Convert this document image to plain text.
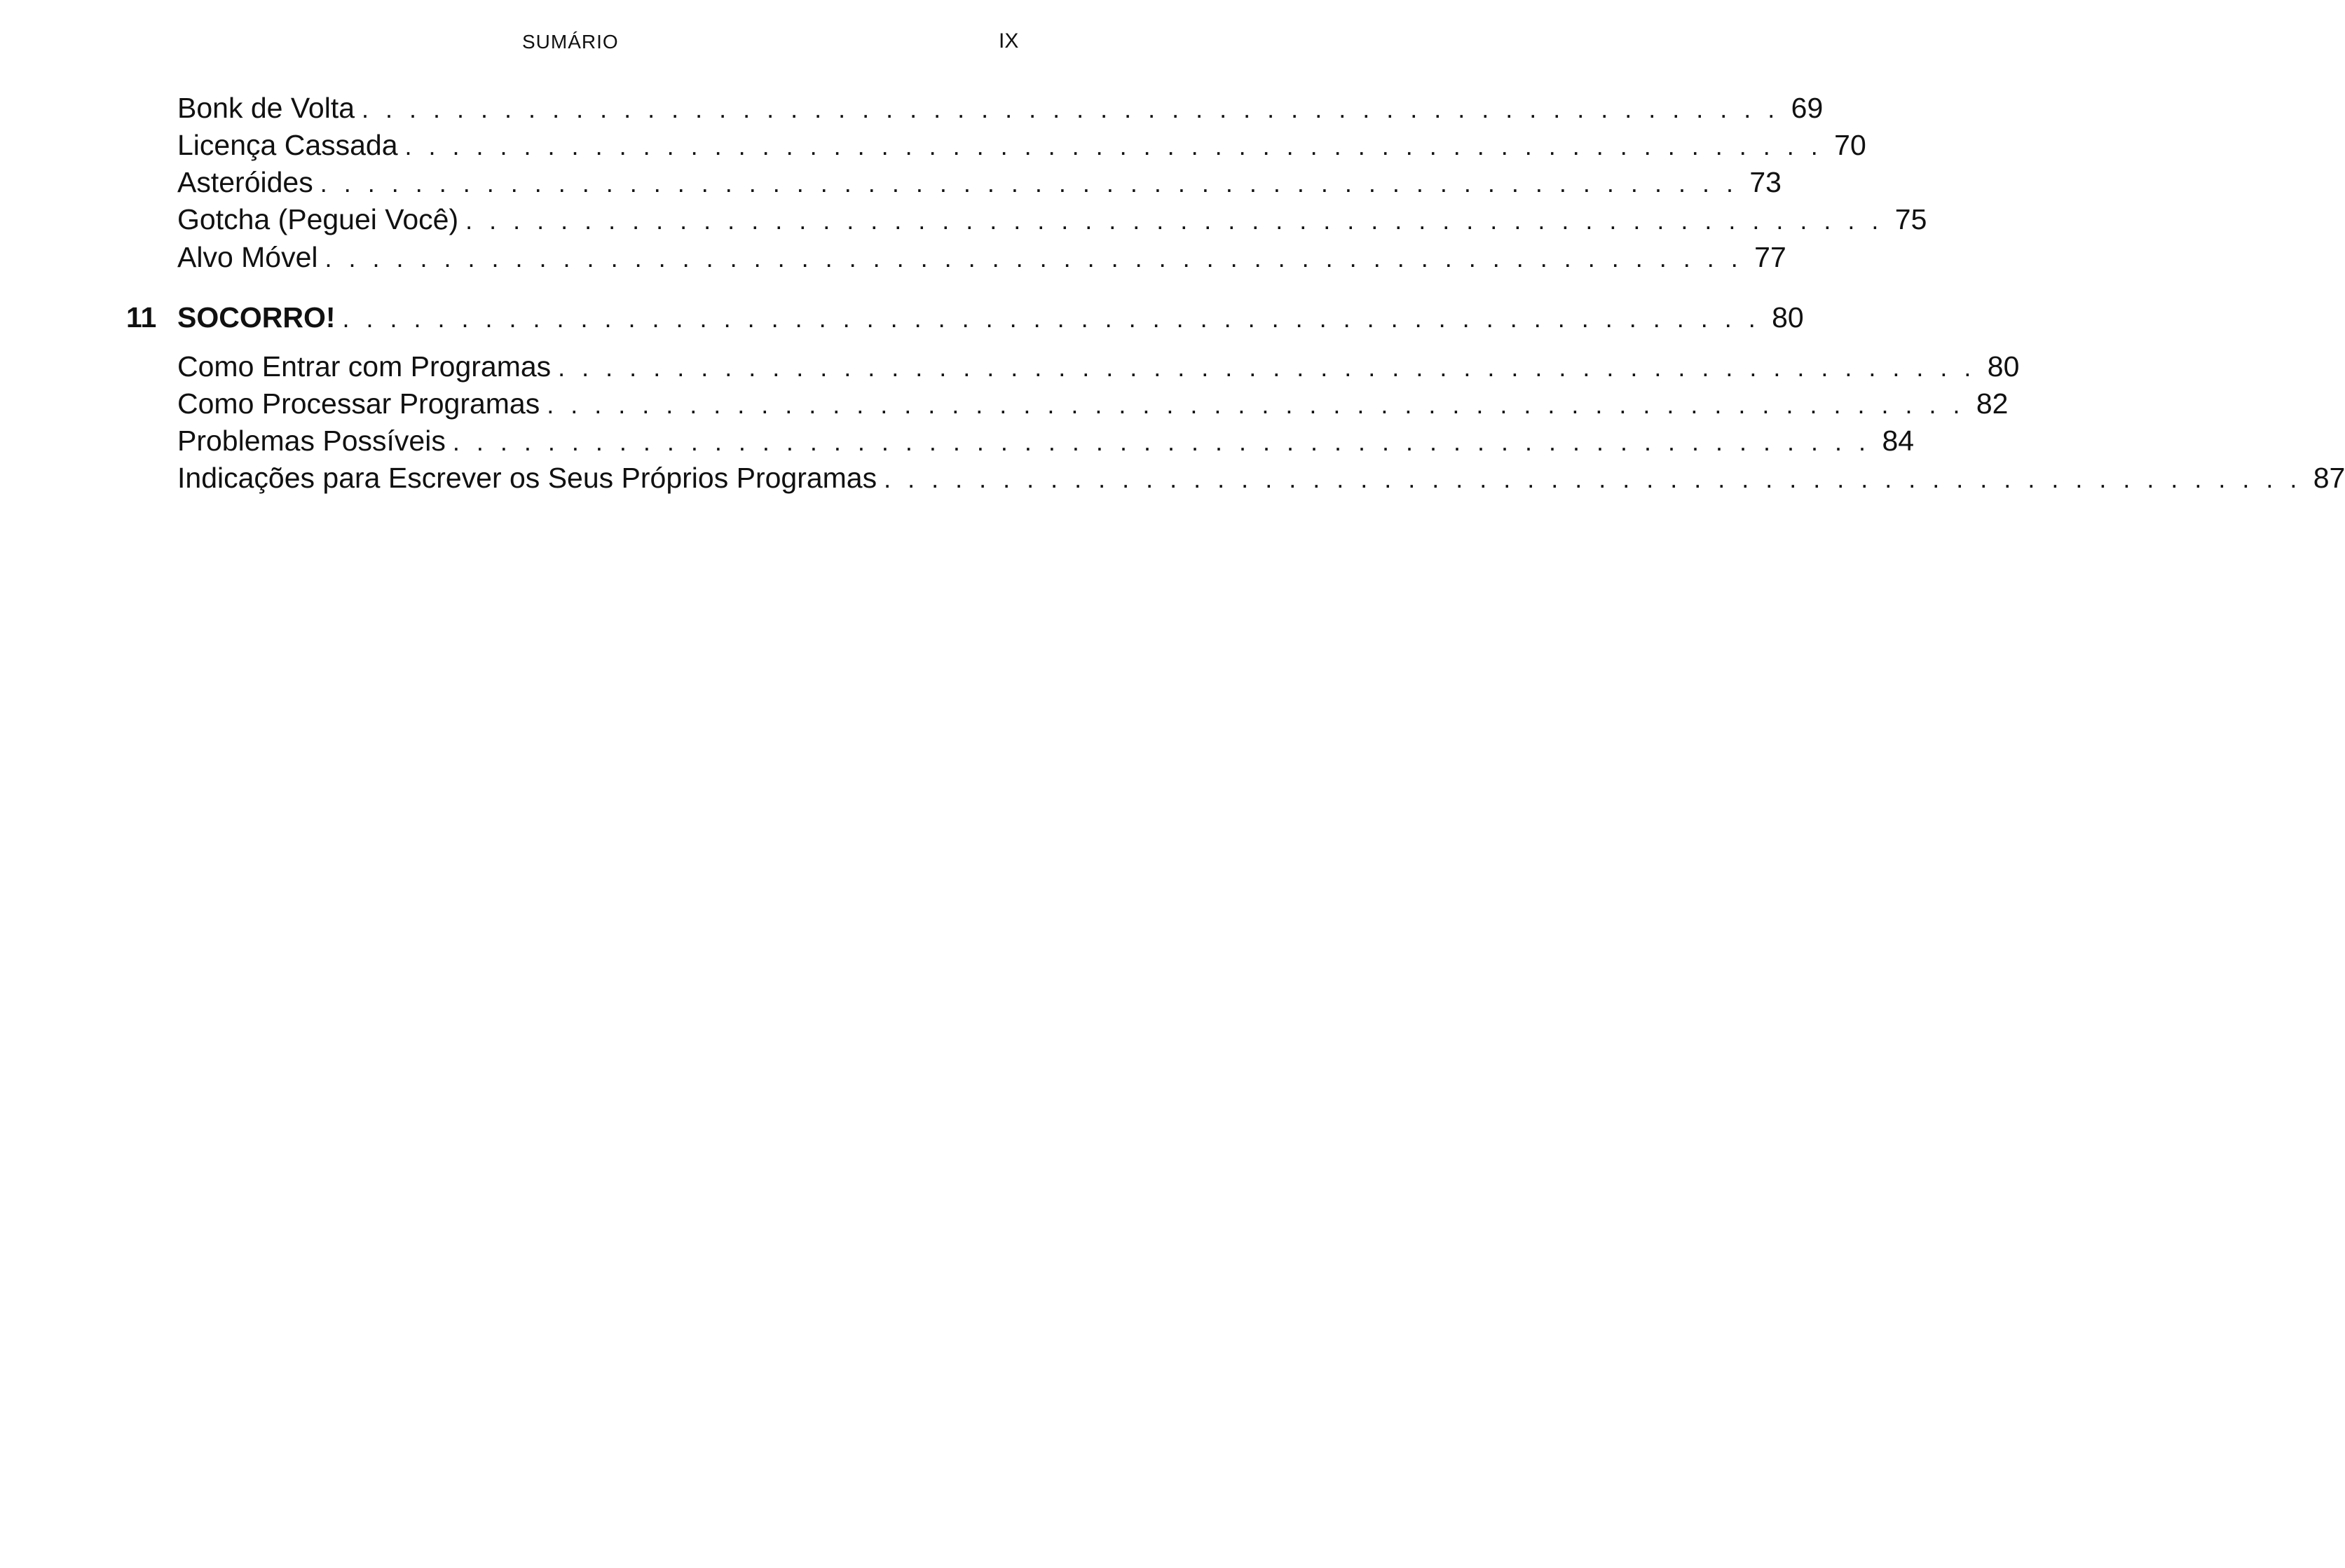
SUMÁRIO	IX
Bonk de Volta . . . . . . . . . . . . . . . . . . . . . . . . . . . . . . . . . . . . . . . . . . . . . . . . . . . . . . . . . . . . 69
Licença Cassada . . . . . . . . . . . . . . . . . . . . . . . . . . . . . . . . . . . . . . . . . . . . . . . . . . . . . . . . . . . . 70
Asteróides . . . . . . . . . . . . . . . . . . . . . . . . . . . . . . . . . . . . . . . . . . . . . . . . . . . . . . . . . . . . 73
Gotcha (Peguei Você) . . . . . . . . . . . . . . . . . . . . . . . . . . . . . . . . . . . . . . . . . . . . . . . . . . . . . . . . . . . . 75
Alvo Móvel . . . . . . . . . . . . . . . . . . . . . . . . . . . . . . . . . . . . . . . . . . . . . . . . . . . . . . . . . . . . 77
11 SOCORRO! . . . . . . . . . . . . . . . . . . . . . . . . . . . . . . . . . . . . . . . . . . . . . . . . . . . . . . . . . . . . 80
Como Entrar com Programas . . . . . . . . . . . . . . . . . . . . . . . . . . . . . . . . . . . . . . . . . . . . . . . . . . . . . . . . . . . . 80
Como Processar Programas . . . . . . . . . . . . . . . . . . . . . . . . . . . . . . . . . . . . . . . . . . . . . . . . . . . . . . . . . . . . 82
Problemas Possíveis . . . . . . . . . . . . . . . . . . . . . . . . . . . . . . . . . . . . . . . . . . . . . . . . . . . . . . . . . . . . 84
Indicações para Escrever os Seus Próprios Programas . . . . . . . . . . . . . . . . . . . . . . . . . . . . . . . . . . . . . . . . . . . . . . . . . . . . . . . . . . . . 87
